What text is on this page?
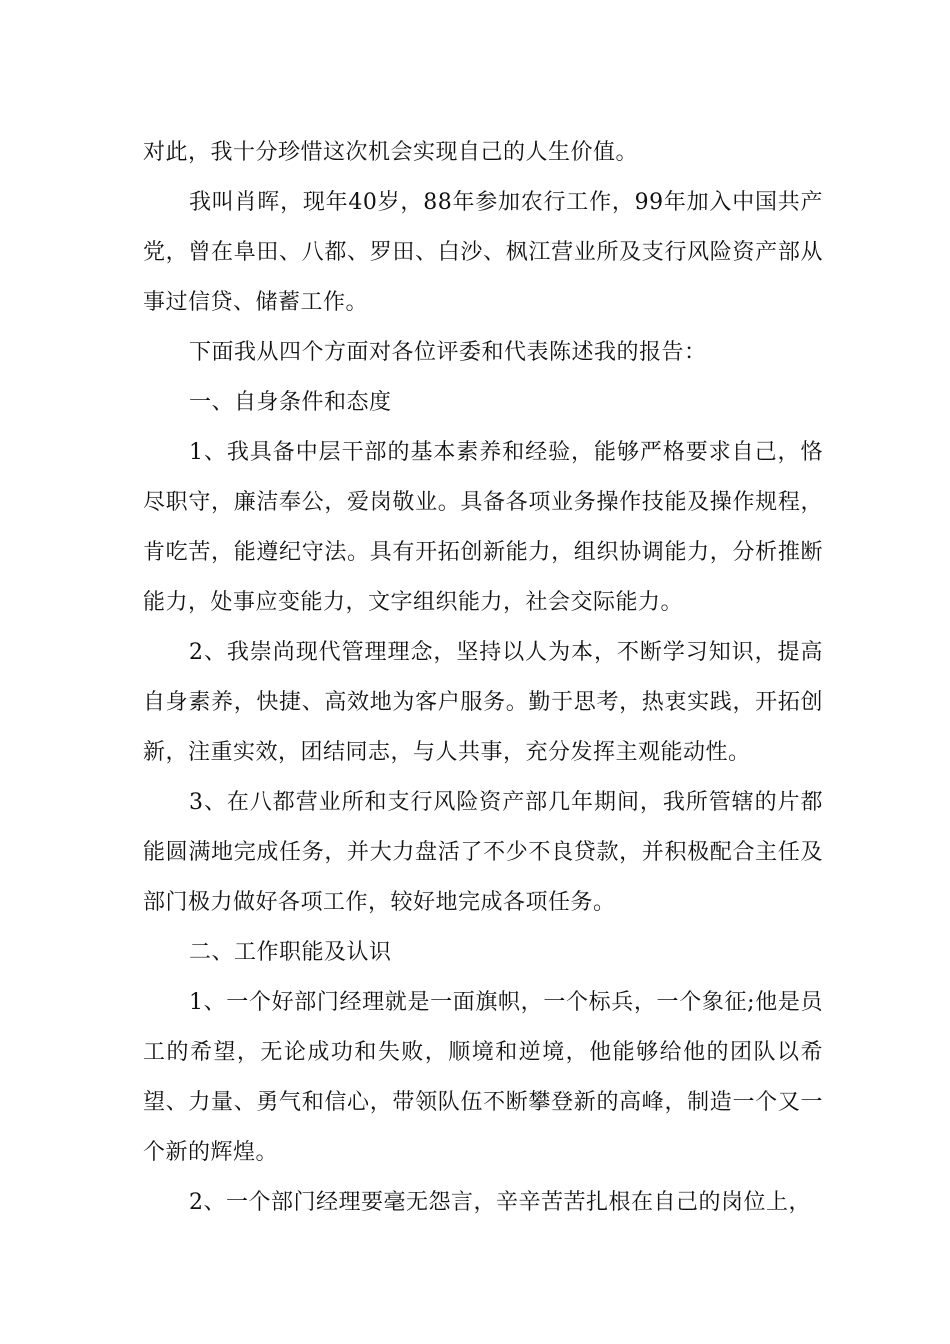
对此，我十分珍惜这次机会实现自己的人生价值。

我叫肖晖，现年40岁，88年参加农行工作，99年加入中国共产党，曾在阜田、八都、罗田、白沙、枫江营业所及支行风险资产部从事过信贷、储蓄工作。

下面我从四个方面对各位评委和代表陈述我的报告：

一、自身条件和态度

1、我具备中层干部的基本素养和经验，能够严格要求自己，恪尽职守，廉洁奉公，爱岗敬业。具备各项业务操作技能及操作规程，肯吃苦，能遵纪守法。具有开拓创新能力，组织协调能力，分析推断能力，处事应变能力，文字组织能力，社会交际能力。

2、我崇尚现代管理理念，坚持以人为本，不断学习知识，提高自身素养，快捷、高效地为客户服务。勤于思考，热衷实践，开拓创新，注重实效，团结同志，与人共事，充分发挥主观能动性。

3、在八都营业所和支行风险资产部几年期间，我所管辖的片都能圆满地完成任务，并大力盘活了不少不良贷款，并积极配合主任及部门极力做好各项工作，较好地完成各项任务。

二、工作职能及认识

1、一个好部门经理就是一面旗帜，一个标兵，一个象征;他是员工的希望，无论成功和失败，顺境和逆境，他能够给他的团队以希望、力量、勇气和信心，带领队伍不断攀登新的高峰，制造一个又一个新的辉煌。

2、一个部门经理要毫无怨言，辛辛苦苦扎根在自己的岗位上，
